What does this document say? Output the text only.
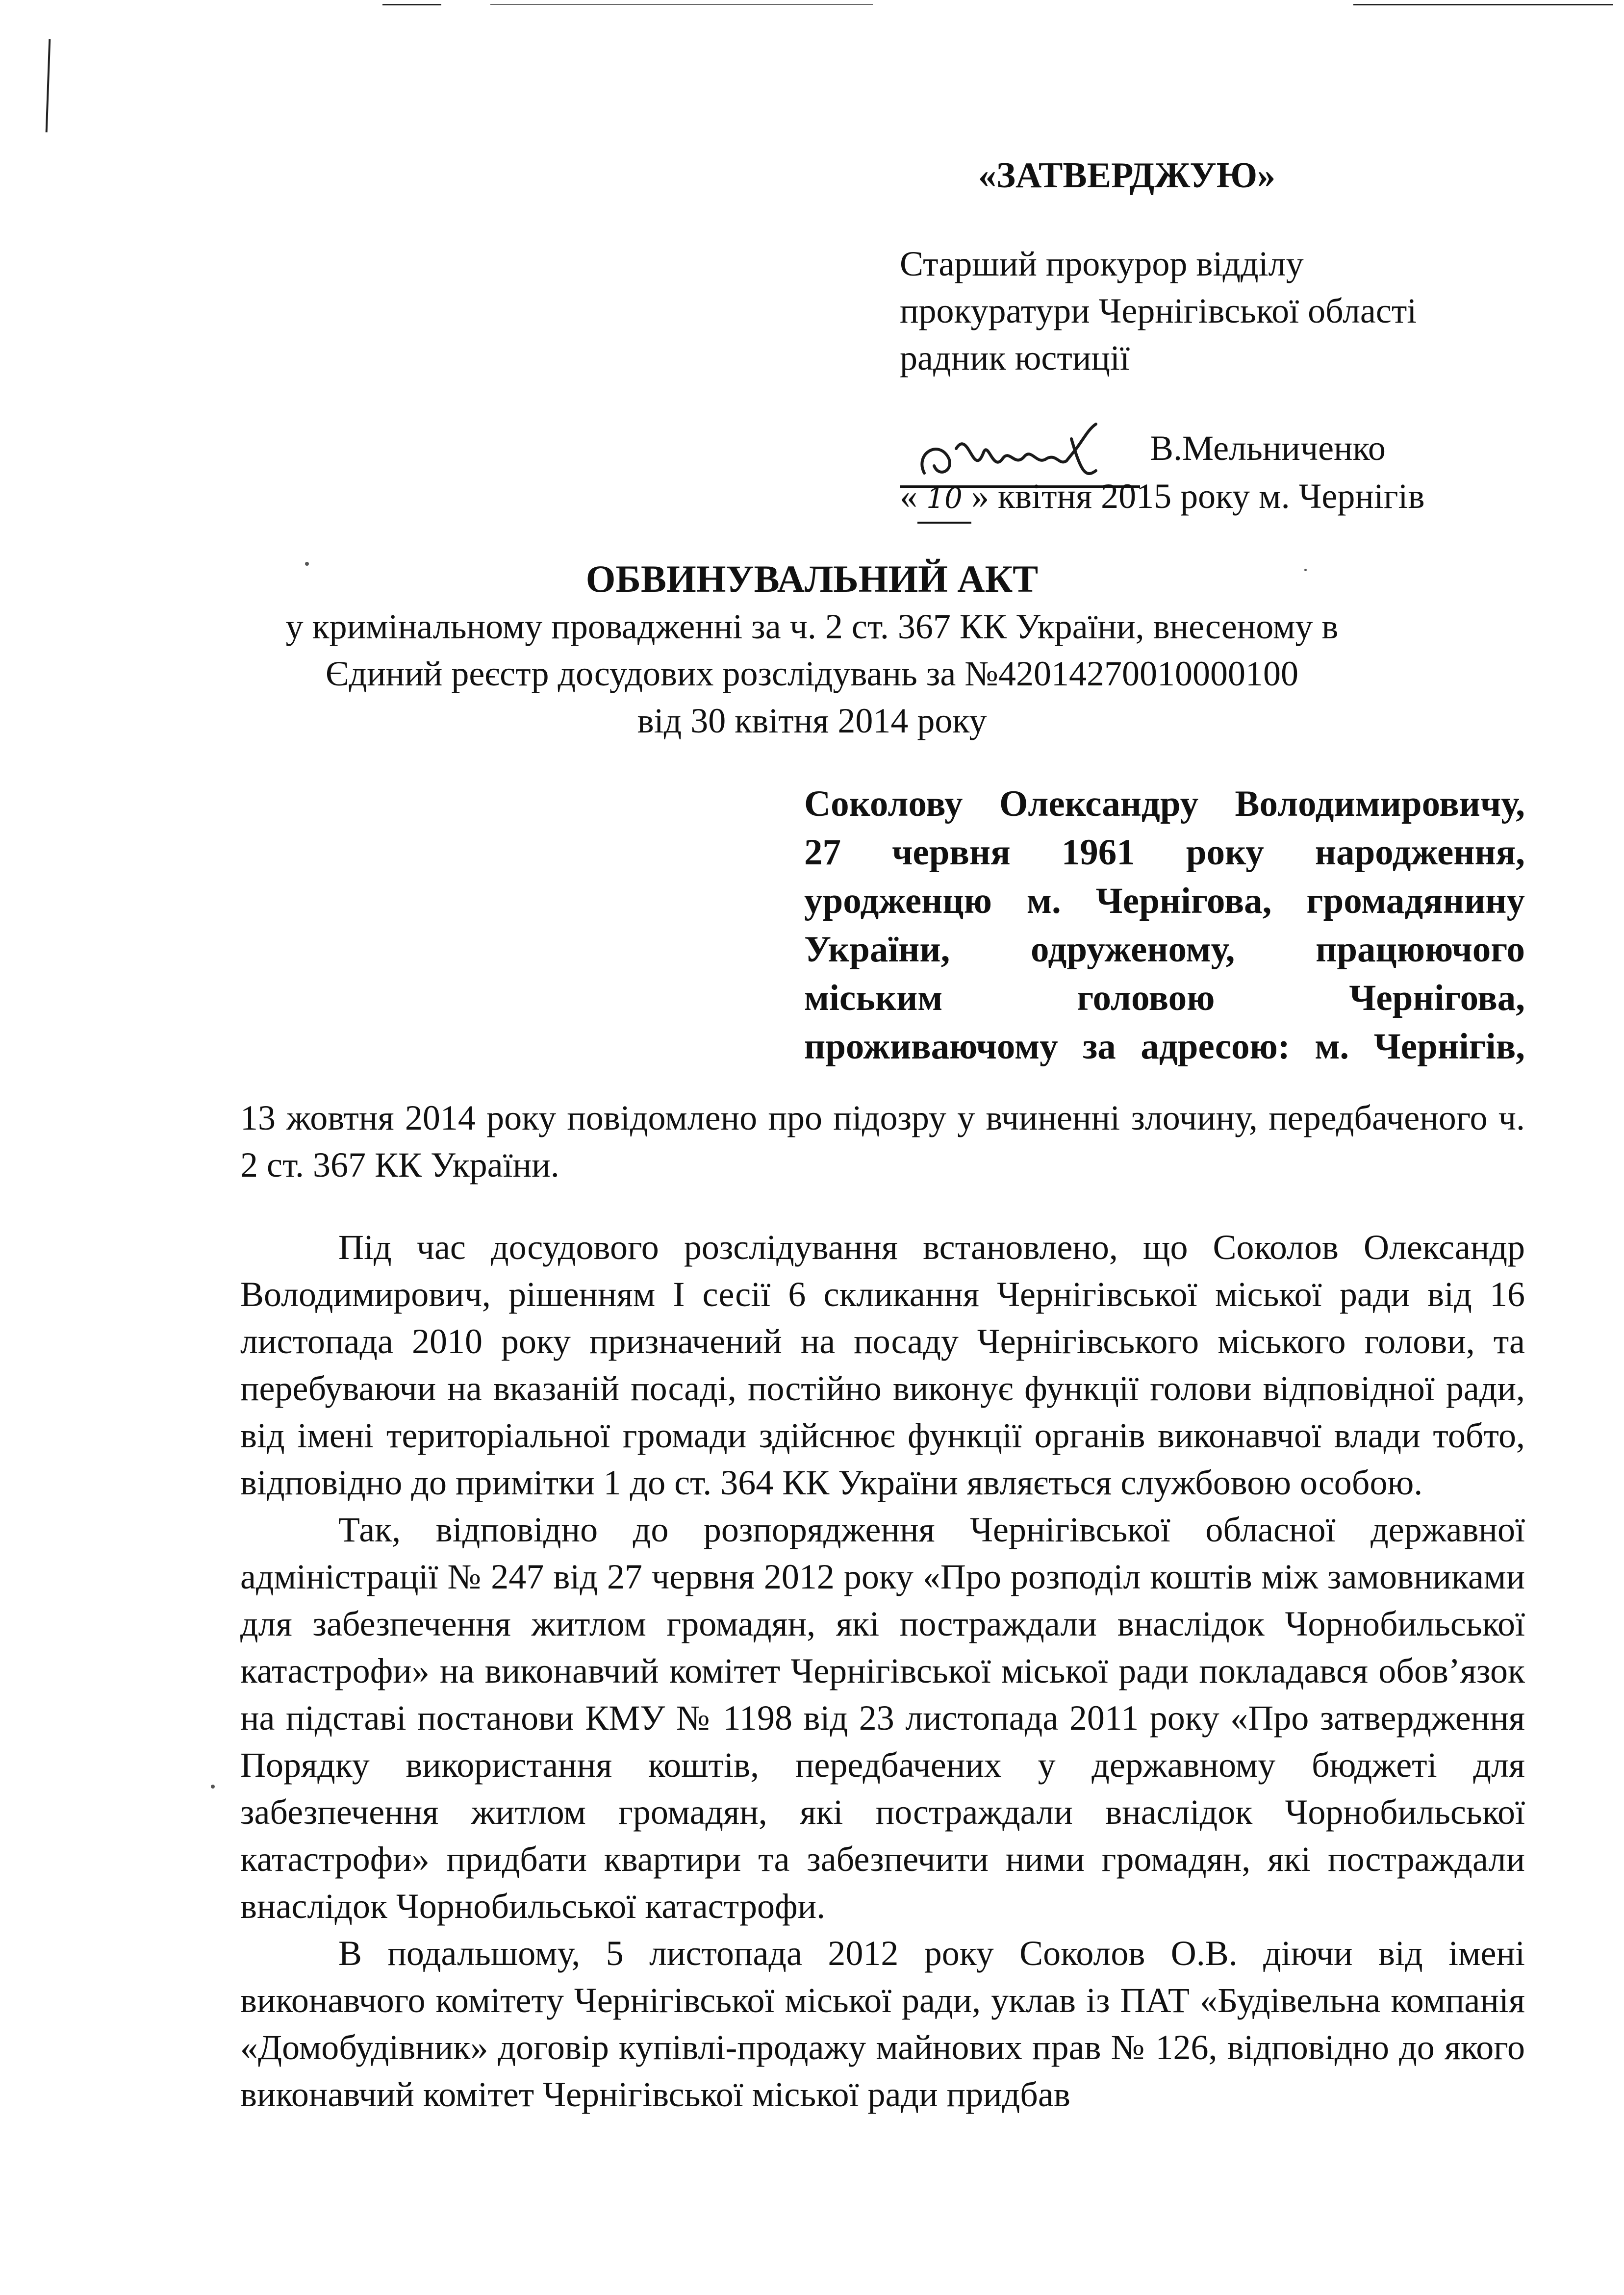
«ЗАТВЕРДЖУЮ»
Старший прокурор відділу
прокуратури Чернігівської області
радник юстиції
В.Мельниченко
« 10 » квітня 2015 року м. Чернігів
ОБВИНУВАЛЬНИЙ АКТ
у кримінальному провадженні за ч. 2 ст. 367 КК України, внесеному в
Єдиний реєстр досудових розслідувань за №42014270010000100
від 30 квітня 2014 року
Соколову Олександру Володимировичу,
27 червня 1961 року народження,
уродженцю м. Чернігова, громадянину
України, одруженому, працюючого
міським головою Чернігова,
проживаючому за адресою: м. Чернігів,

13 жовтня 2014 року повідомлено про підозру у вчиненні злочину, передбаченого ч. 2 ст. 367 КК України.

Під час досудового розслідування встановлено, що Соколов Олександр Володимирович, рішенням І сесії 6 скликання Чернігівської міської ради від 16 листопада 2010 року призначений на посаду Чернігівського міського голови, та перебуваючи на вказаній посаді, постійно виконує функції голови відповідної ради, від імені територіальної громади здійснює функції органів виконавчої влади тобто, відповідно до примітки 1 до ст. 364 КК України являється службовою особою.

Так, відповідно до розпорядження Чернігівської обласної державної адміністрації № 247 від 27 червня 2012 року «Про розподіл коштів між замовниками для забезпечення житлом громадян, які постраждали внаслідок Чорнобильської катастрофи» на виконавчий комітет Чернігівської міської ради покладався обов’язок на підставі постанови КМУ № 1198 від 23 листопада 2011 року «Про затвердження Порядку використання коштів, передбачених у державному бюджеті для забезпечення житлом громадян, які постраждали внаслідок Чорнобильської катастрофи» придбати квартири та забезпечити ними громадян, які постраждали внаслідок Чорнобильської катастрофи.

В подальшому, 5 листопада 2012 року Соколов О.В. діючи від імені виконавчого комітету Чернігівської міської ради, уклав із ПАТ «Будівельна компанія «Домобудівник» договір купівлі-продажу майнових прав № 126, відповідно до якого виконавчий комітет Чернігівської міської ради придбав
